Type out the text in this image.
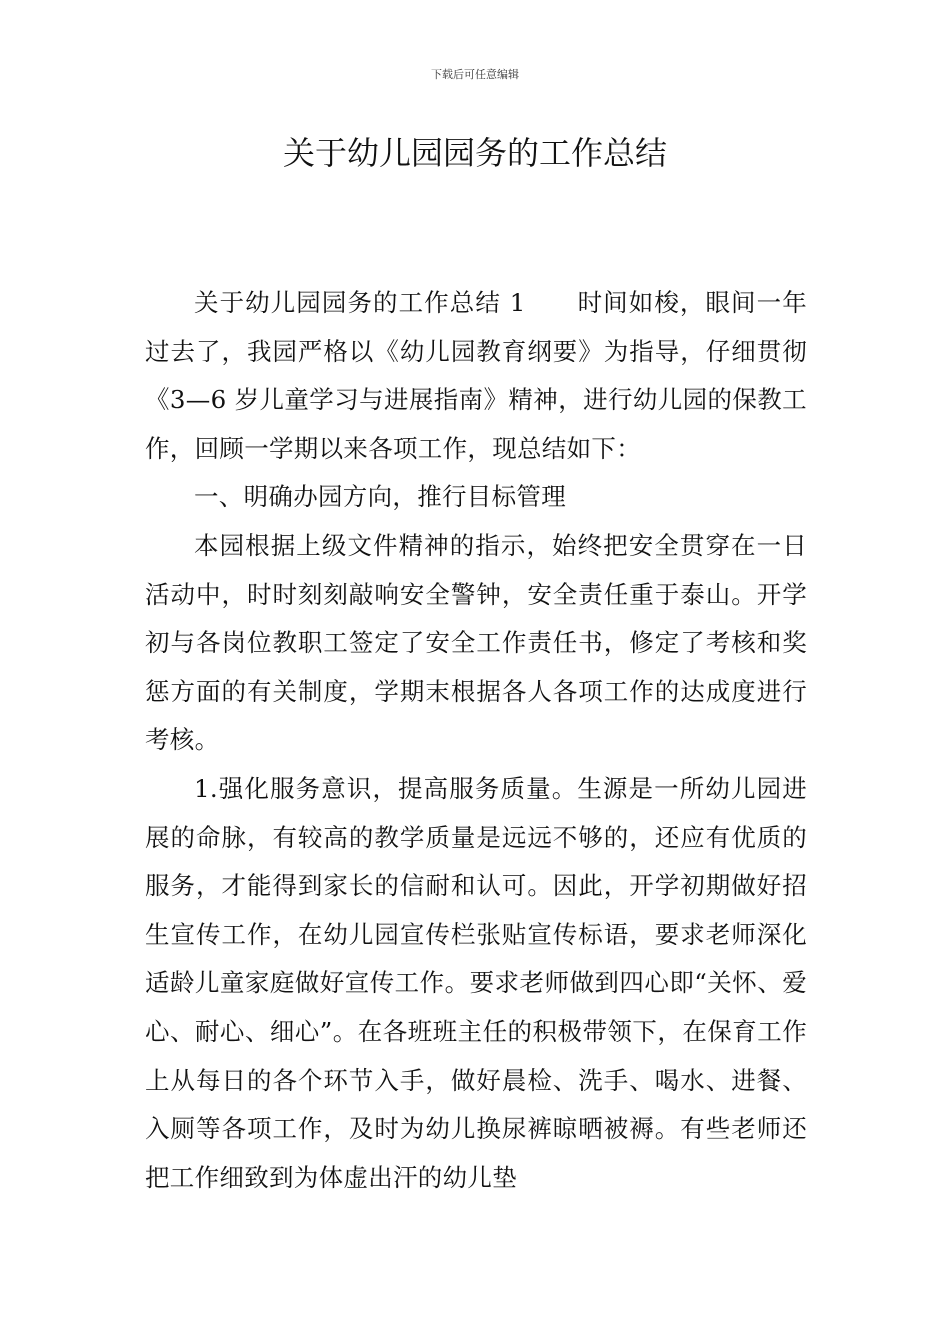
下载后可任意编辑
关于幼儿园园务的工作总结

关于幼儿园园务的工作总结 1　　时间如梭，眼间一年过去了，我园严格以《幼儿园教育纲要》为指导，仔细贯彻《3—6 岁儿童学习与进展指南》精神，进行幼儿园的保教工作，回顾一学期以来各项工作，现总结如下：

一、明确办园方向，推行目标管理

本园根据上级文件精神的指示，始终把安全贯穿在一日活动中，时时刻刻敲响安全警钟，安全责任重于泰山。开学初与各岗位教职工签定了安全工作责任书，修定了考核和奖惩方面的有关制度，学期末根据各人各项工作的达成度进行考核。

1.强化服务意识，提高服务质量。生源是一所幼儿园进展的命脉，有较高的教学质量是远远不够的，还应有优质的服务，才能得到家长的信耐和认可。因此，开学初期做好招生宣传工作，在幼儿园宣传栏张贴宣传标语，要求老师深化适龄儿童家庭做好宣传工作。要求老师做到四心即“关怀、爱心、耐心、细心”。在各班班主任的积极带领下，在保育工作上从每日的各个环节入手，做好晨检、洗手、喝水、进餐、入厕等各项工作，及时为幼儿换尿裤晾晒被褥。有些老师还把工作细致到为体虚出汗的幼儿垫
